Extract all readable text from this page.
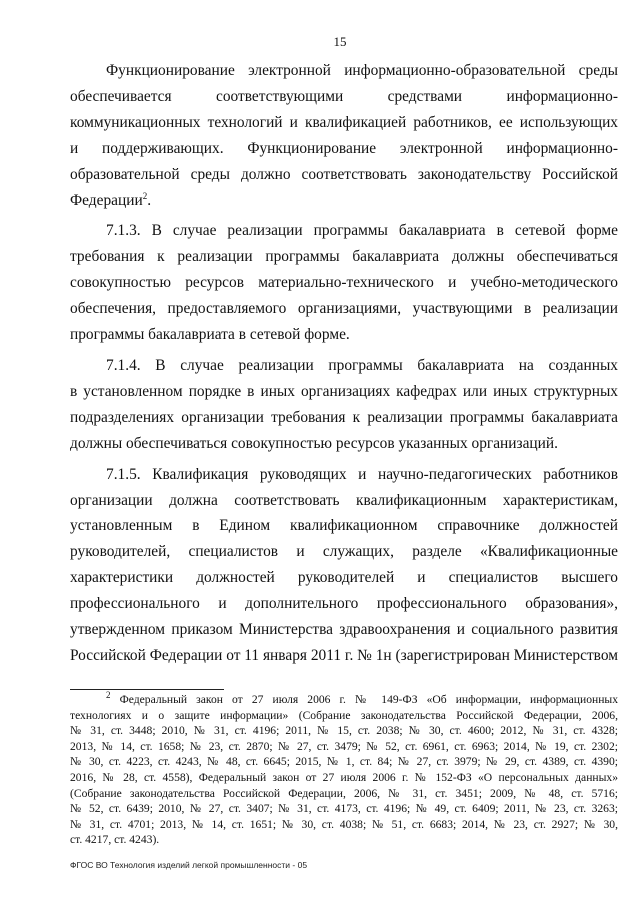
15

Функционирование электронной информационно-образовательной среды
обеспечивается соответствующими средствами информационно-
коммуникационных технологий и квалификацией работников, ее использующих
и поддерживающих. Функционирование электронной информационно-
образовательной среды должно соответствовать законодательству Российской
Федерации$^2$.

7.1.3. В случае реализации программы бакалавриата в сетевой форме
требования к реализации программы бакалавриата должны обеспечиваться
совокупностью ресурсов материально-технического и учебно-методического
обеспечения, предоставляемого организациями, участвующими в реализации
программы бакалавриата в сетевой форме.

7.1.4. В случае реализации программы бакалавриата на созданных
в установленном порядке в иных организациях кафедрах или иных структурных
подразделениях организации требования к реализации программы бакалавриата
должны обеспечиваться совокупностью ресурсов указанных организаций.

7.1.5. Квалификация руководящих и научно-педагогических работников
организации должна соответствовать квалификационным характеристикам,
установленным в Едином квалификационном справочнике должностей
руководителей, специалистов и служащих, разделе «Квалификационные
характеристики должностей руководителей и специалистов высшего
профессионального и дополнительного профессионального образования»,
утвержденном приказом Министерства здравоохранения и социального развития
Российской Федерации от 11 января 2011 г. № 1н (зарегистрирован Министерством

$^2$ Федеральный закон от 27 июля 2006 г. № 149-ФЗ «Об информации, информационных
технологиях и о защите информации» (Собрание законодательства Российской Федерации, 2006,
№ 31, ст. 3448; 2010, № 31, ст. 4196; 2011, № 15, ст. 2038; № 30, ст. 4600; 2012, № 31, ст. 4328;
2013, № 14, ст. 1658; № 23, ст. 2870; № 27, ст. 3479; № 52, ст. 6961, ст. 6963; 2014, № 19, ст. 2302;
№ 30, ст. 4223, ст. 4243, № 48, ст. 6645; 2015, № 1, ст. 84; № 27, ст. 3979; № 29, ст. 4389, ст. 4390;
2016, № 28, ст. 4558), Федеральный закон от 27 июля 2006 г. № 152-ФЗ «О персональных данных»
(Собрание законодательства Российской Федерации, 2006, № 31, ст. 3451; 2009, № 48, ст. 5716;
№ 52, ст. 6439; 2010, № 27, ст. 3407; № 31, ст. 4173, ст. 4196; № 49, ст. 6409; 2011, № 23, ст. 3263;
№ 31, ст. 4701; 2013, № 14, ст. 1651; № 30, ст. 4038; № 51, ст. 6683; 2014, № 23, ст. 2927; № 30,
ст. 4217, ст. 4243).
ФГОС ВО Технология изделий легкой промышленности - 05
